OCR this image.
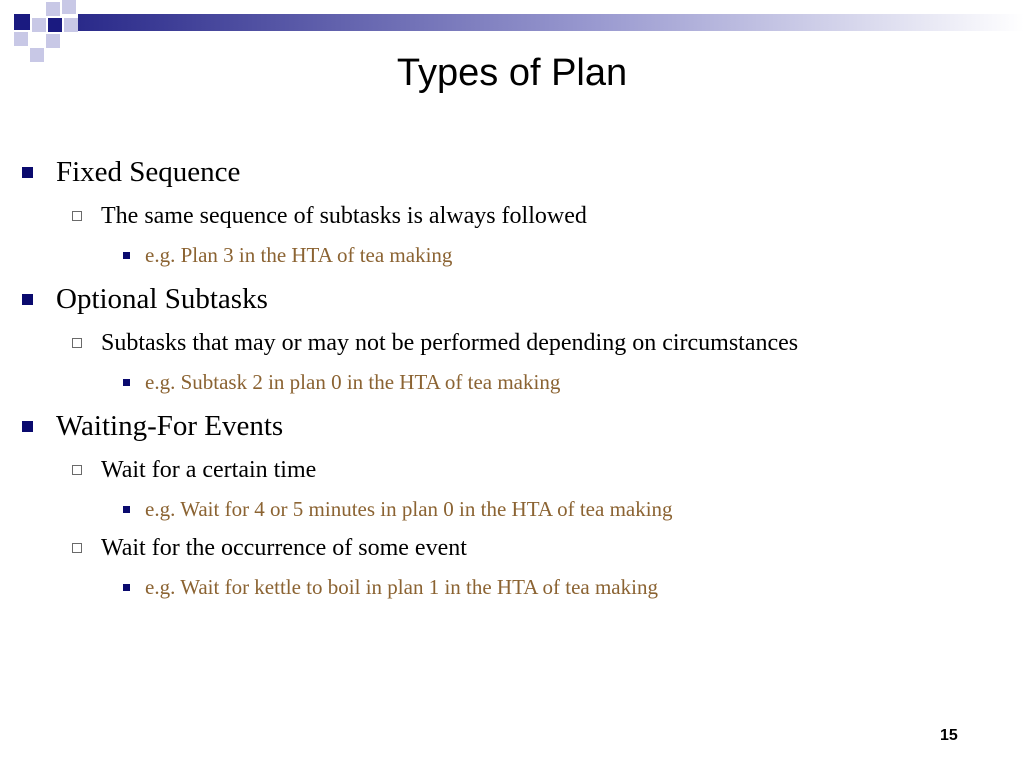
Types of Plan
Fixed Sequence
The same sequence of subtasks is always followed
e.g. Plan 3 in the HTA of tea making
Optional Subtasks
Subtasks that may or may not be performed depending on circumstances
e.g. Subtask 2 in plan 0 in the HTA of tea making
Waiting-For Events
Wait for a certain time
e.g. Wait for 4 or 5 minutes in plan 0 in the HTA of tea making
Wait for the occurrence of some event
e.g. Wait for kettle to boil in plan 1 in the HTA of tea making
15
